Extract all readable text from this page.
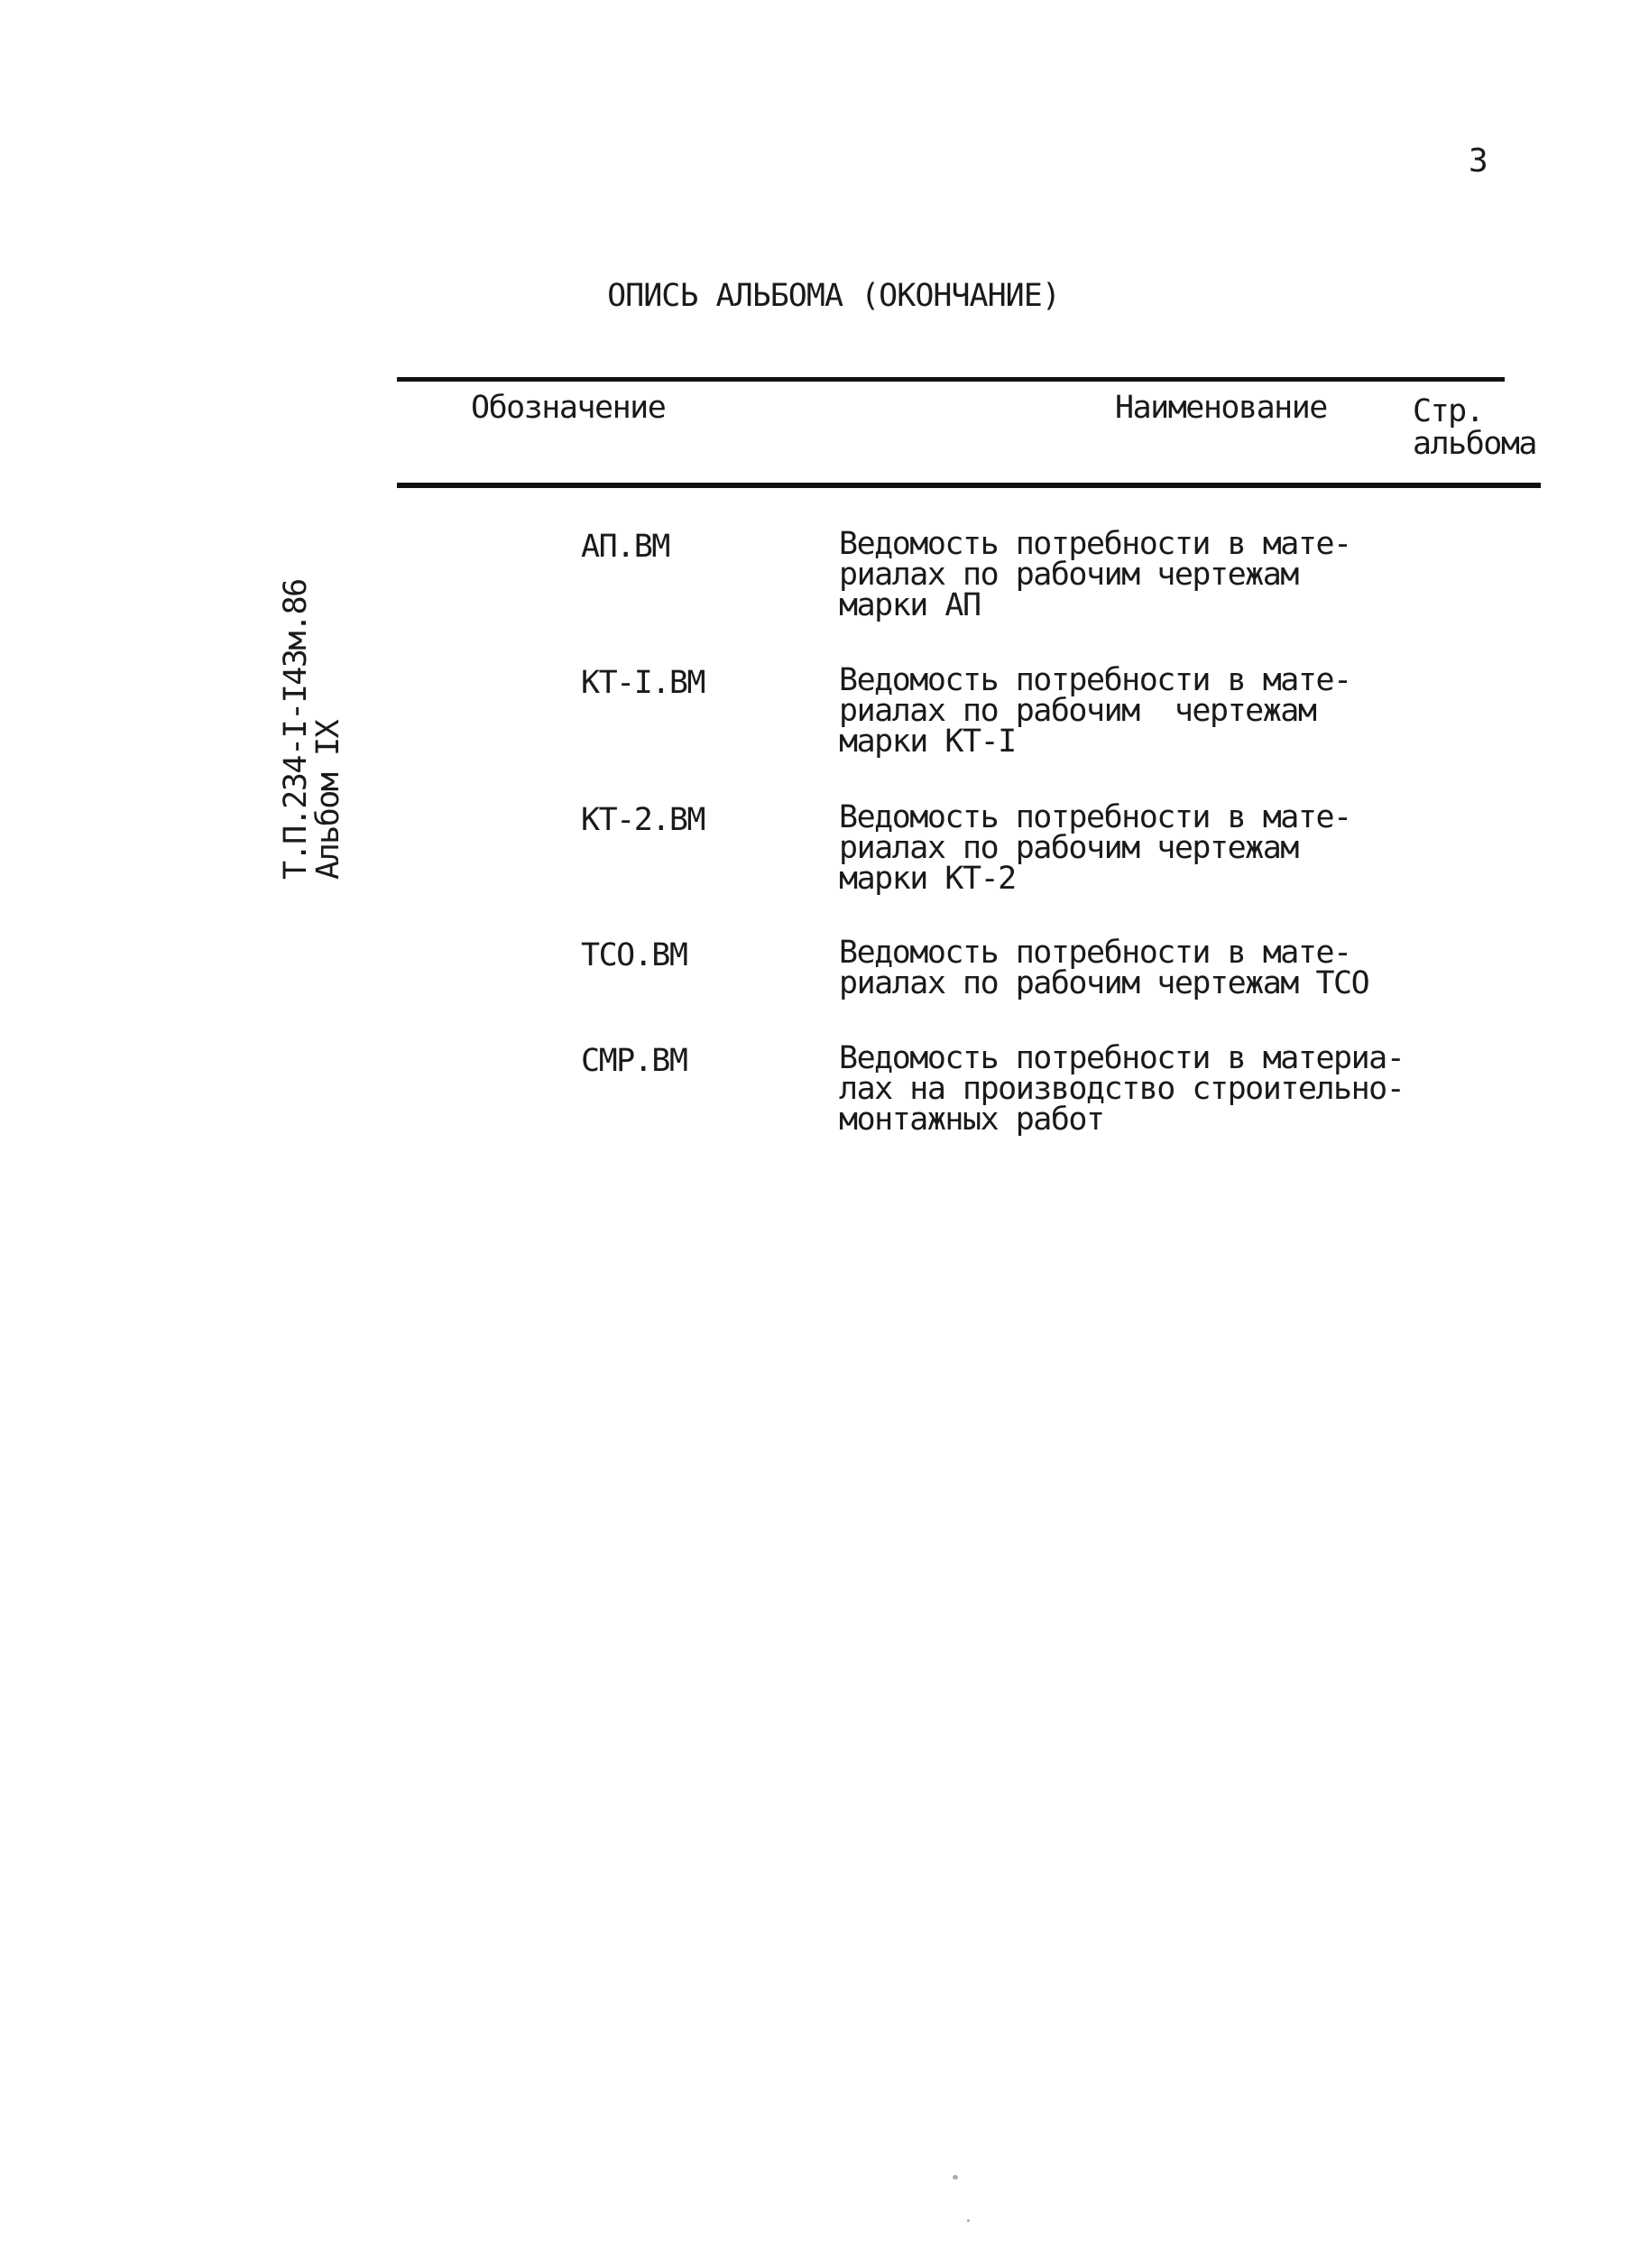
3
ОПИСЬ АЛЬБОМА (ОКОНЧАНИЕ)
Обозначение	Наименование	Стр.
альбома
Т.П.234-I-I43м.86
Альбом IX
АП.ВМ	Ведомость потребности в мате-
риалах по рабочим чертежам
марки АП
КТ-I.ВМ	Ведомость потребности в мате-
риалах по рабочим  чертежам
марки КТ-I
КТ-2.ВМ	Ведомость потребности в мате-
риалах по рабочим чертежам
марки КТ-2
ТСО.ВМ	Ведомость потребности в мате-
риалах по рабочим чертежам ТСО
СМР.ВМ	Ведомость потребности в материа-
лах на производство строительно-
монтажных работ
